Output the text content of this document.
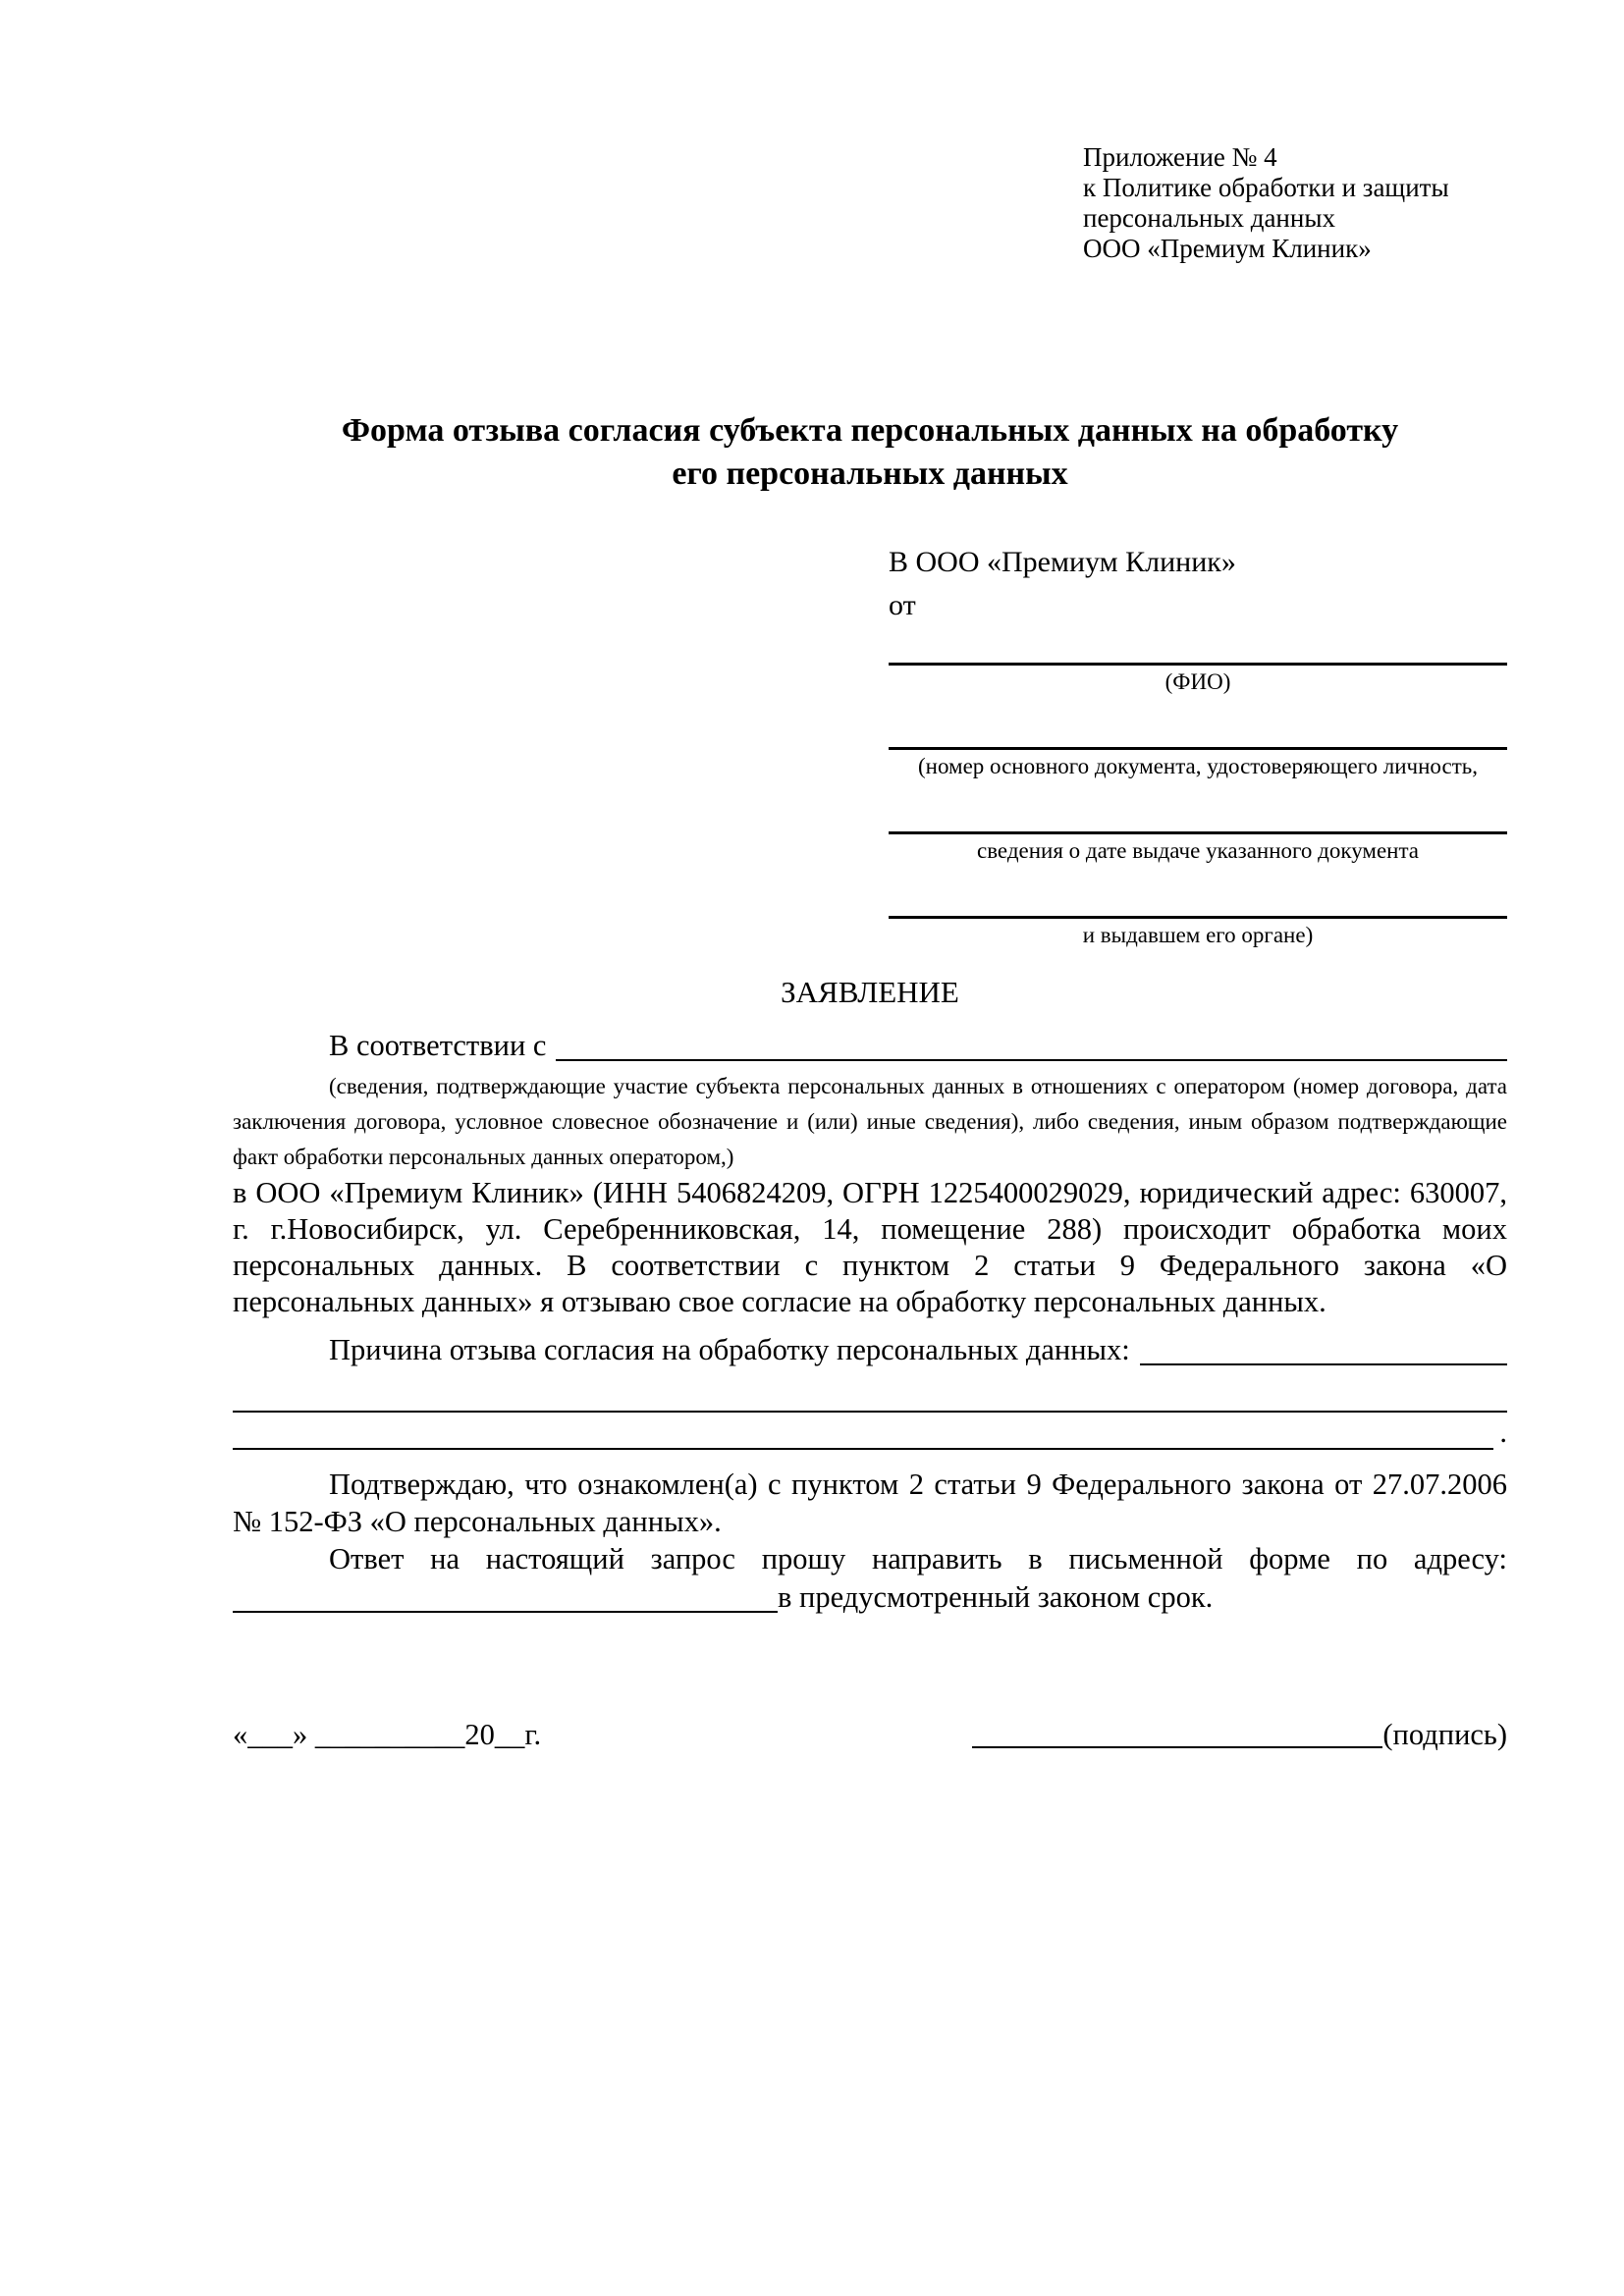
Приложение № 4
к Политике обработки и защиты
персональных данных
ООО «Премиум Клиник»
Форма отзыва согласия субъекта персональных данных на обработку
его персональных данных
В ООО «Премиум Клиник»
от
(ФИО)
(номер основного документа, удостоверяющего личность,
сведения о дате выдаче указанного документа
и выдавшем его органе)
ЗАЯВЛЕНИЕ
В соответствии с
(сведения, подтверждающие участие субъекта персональных данных в отношениях с оператором (номер договора, дата заключения договора, условное словесное обозначение и (или) иные сведения), либо сведения, иным образом подтверждающие факт обработки персональных данных оператором,)
в ООО «Премиум Клиник» (ИНН 5406824209, ОГРН 1225400029029, юридический адрес: 630007, г. г.Новосибирск, ул. Серебренниковская, 14, помещение 288) происходит обработка моих персональных данных. В соответствии с пунктом 2 статьи 9 Федерального закона «О персональных данных» я отзываю свое согласие на обработку персональных данных.
Причина отзыва согласия на обработку персональных данных:
.
Подтверждаю, что ознакомлен(а) с пунктом 2 статьи 9 Федерального закона от 27.07.2006 № 152-ФЗ «О персональных данных».
Ответ на настоящий запрос прошу направить в письменной форме по адресу:
в предусмотренный законом срок.
«___» __________20__г.	(подпись)
